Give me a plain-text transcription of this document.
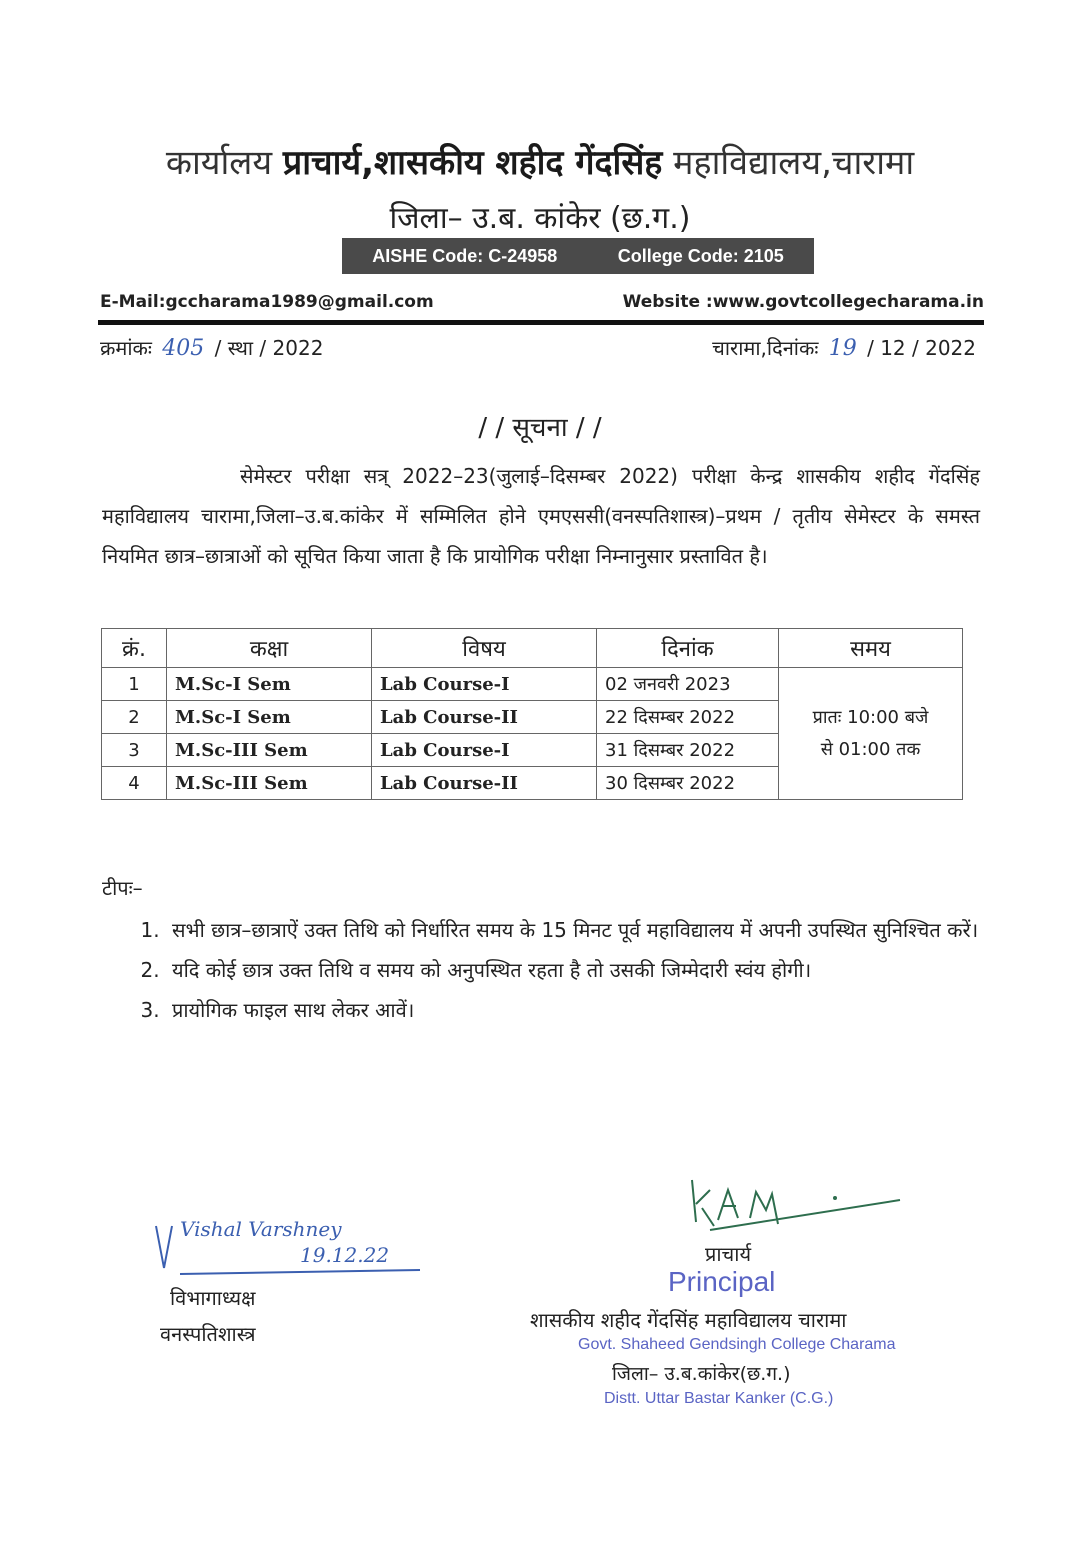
कार्यालय प्राचार्य,शासकीय शहीद गेंदसिंह महाविद्यालय,चारामा
जिला– उ.ब. कांकेर (छ.ग.)
AISHE Code: C-24958	College Code: 2105
E-Mail:gccharama1989@gmail.com	Website :www.govtcollegecharama.in
क्रमांकः 405 / स्था / 2022	चारामा,दिनांकः 19 / 12 / 2022
/ / सूचना / /
सेमेस्टर परीक्षा सत्र् 2022–23(जुलाई–दिसम्बर 2022) परीक्षा केन्द्र शासकीय शहीद गेंदसिंह महाविद्यालय चारामा,जिला–उ.ब.कांकेर में सम्मिलित होने एमएससी(वनस्पतिशास्त्र)–प्रथम / तृतीय सेमेस्टर के समस्त नियमित छात्र–छात्राओं को सूचित किया जाता है कि प्रायोगिक परीक्षा निम्नानुसार प्रस्तावित है।
क्रं.	कक्षा	विषय	दिनांक	समय
1	M.Sc-I Sem	Lab Course-I	02 जनवरी 2023	प्रातः 10:00 बजे
से 01:00 तक

2	M.Sc-I Sem	Lab Course-II	22 दिसम्बर 2022	
3	M.Sc-III Sem	Lab Course-I	31 दिसम्बर 2022	
4	M.Sc-III Sem	Lab Course-II	30 दिसम्बर 2022	
टीपः–
1. सभी छात्र–छात्राऐं उक्त तिथि को निर्धारित समय के 15 मिनट पूर्व महाविद्यालय में अपनी उपस्थित सुनिश्चित करें।
2. यदि कोई छात्र उक्त तिथि व समय को अनुपस्थित रहता है तो उसकी जिम्मेदारी स्वंय होगी।
3. प्रायोगिक फाइल साथ लेकर आवें।
Vishal Varshney
19.12.22
विभागाध्यक्ष
वनस्पतिशास्त्र
प्राचार्य
Principal
शासकीय शहीद गेंदसिंह महाविद्यालय चारामा
Govt. Shaheed Gendsingh College Charama
जिला– उ.ब.कांकेर(छ.ग.)
Distt. Uttar Bastar Kanker (C.G.)
